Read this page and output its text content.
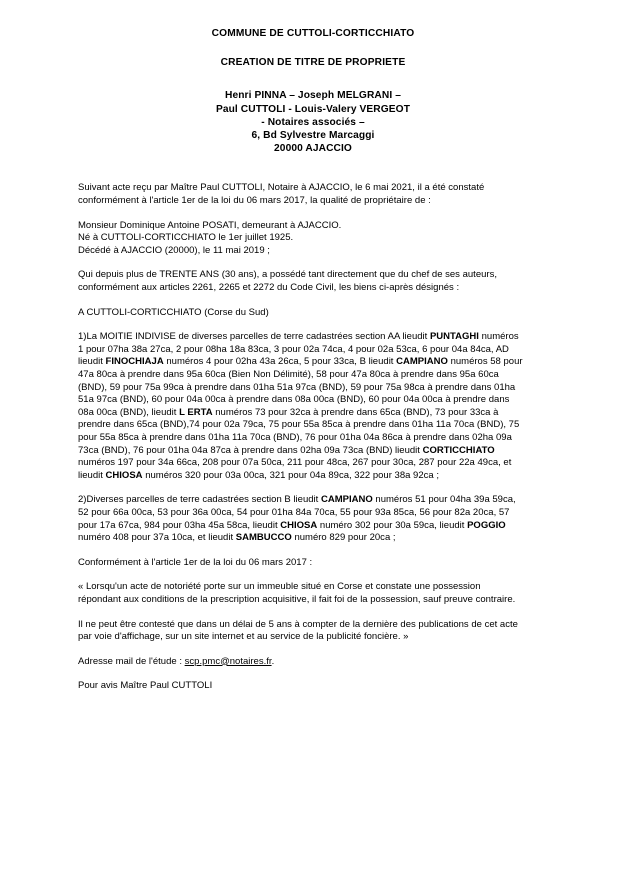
COMMUNE DE CUTTOLI-CORTICCHIATO
CREATION DE TITRE DE PROPRIETE
Henri PINNA – Joseph MELGRANI –
Paul CUTTOLI - Louis-Valery VERGEOT
- Notaires associés –
6, Bd Sylvestre Marcaggi
20000 AJACCIO

Suivant acte reçu par Maître Paul CUTTOLI, Notaire à AJACCIO, le 6 mai 2021, il a été constaté conformément à l'article 1er de la loi du 06 mars 2017, la qualité de propriétaire de :

Monsieur Dominique Antoine POSATI, demeurant à AJACCIO.

Né à CUTTOLI-CORTICCHIATO le 1er juillet 1925.

Décédé à AJACCIO (20000), le 11 mai 2019 ;

Qui depuis plus de TRENTE ANS (30 ans), a possédé tant directement que du chef de ses auteurs, conformément aux articles 2261, 2265 et 2272 du Code Civil, les biens ci-après désignés :

A CUTTOLI-CORTICCHIATO (Corse du Sud)

1)La MOITIE INDIVISE de diverses parcelles de terre cadastrées section AA lieudit PUNTAGHI numéros 1 pour 07ha 38a 27ca, 2 pour 08ha 18a 83ca, 3 pour 02a 74ca, 4 pour 02a 53ca, 6 pour 04a 84ca, AD lieudit FINOCHIAJA numéros 4 pour 02ha 43a 26ca, 5 pour 33ca, B lieudit CAMPIANO numéros 58 pour 47a 80ca à prendre dans 95a 60ca (Bien Non Délimité), 58 pour 47a 80ca à prendre dans 95a 60ca (BND), 59 pour 75a 99ca à prendre dans 01ha 51a 97ca (BND), 59 pour 75a 98ca à prendre dans 01ha 51a 97ca (BND), 60 pour 04a 00ca à prendre dans 08a 00ca (BND), 60 pour 04a 00ca à prendre dans 08a 00ca (BND), lieudit L ERTA numéros 73 pour 32ca à prendre dans 65ca (BND), 73 pour 33ca à prendre dans 65ca (BND),74 pour 02a 79ca, 75 pour 55a 85ca à prendre dans 01ha 11a 70ca (BND), 75 pour 55a 85ca à prendre dans 01ha 11a 70ca (BND), 76 pour 01ha 04a 86ca à prendre dans 02ha 09a 73ca (BND), 76 pour 01ha 04a 87ca à prendre dans 02ha 09a 73ca (BND) lieudit CORTICCHIATO numéros 197 pour 34a 66ca, 208 pour 07a 50ca, 211 pour 48ca, 267 pour 30ca, 287 pour 22a 49ca, et lieudit CHIOSA numéros 320 pour 03a 00ca, 321 pour 04a 89ca, 322 pour 38a 92ca ;

2)Diverses parcelles de terre cadastrées section B lieudit CAMPIANO numéros 51 pour 04ha 39a 59ca, 52 pour 66a 00ca, 53 pour 36a 00ca, 54 pour 01ha 84a 70ca, 55 pour 93a 85ca, 56 pour 82a 20ca, 57 pour 17a 67ca, 984 pour 03ha 45a 58ca, lieudit CHIOSA numéro 302 pour 30a 59ca, lieudit POGGIO numéro 408 pour 37a 10ca, et lieudit SAMBUCCO numéro 829 pour 20ca ;

Conformément à l'article 1er de la loi du 06 mars 2017 :

« Lorsqu'un acte de notoriété porte sur un immeuble situé en Corse et constate une possession répondant aux conditions de la prescription acquisitive, il fait foi de la possession, sauf preuve contraire.

Il ne peut être contesté que dans un délai de 5 ans à compter de la dernière des publications de cet acte par voie d'affichage, sur un site internet et au service de la publicité foncière. »

Adresse mail de l'étude : scp.pmc@notaires.fr.

Pour avis Maître Paul CUTTOLI
